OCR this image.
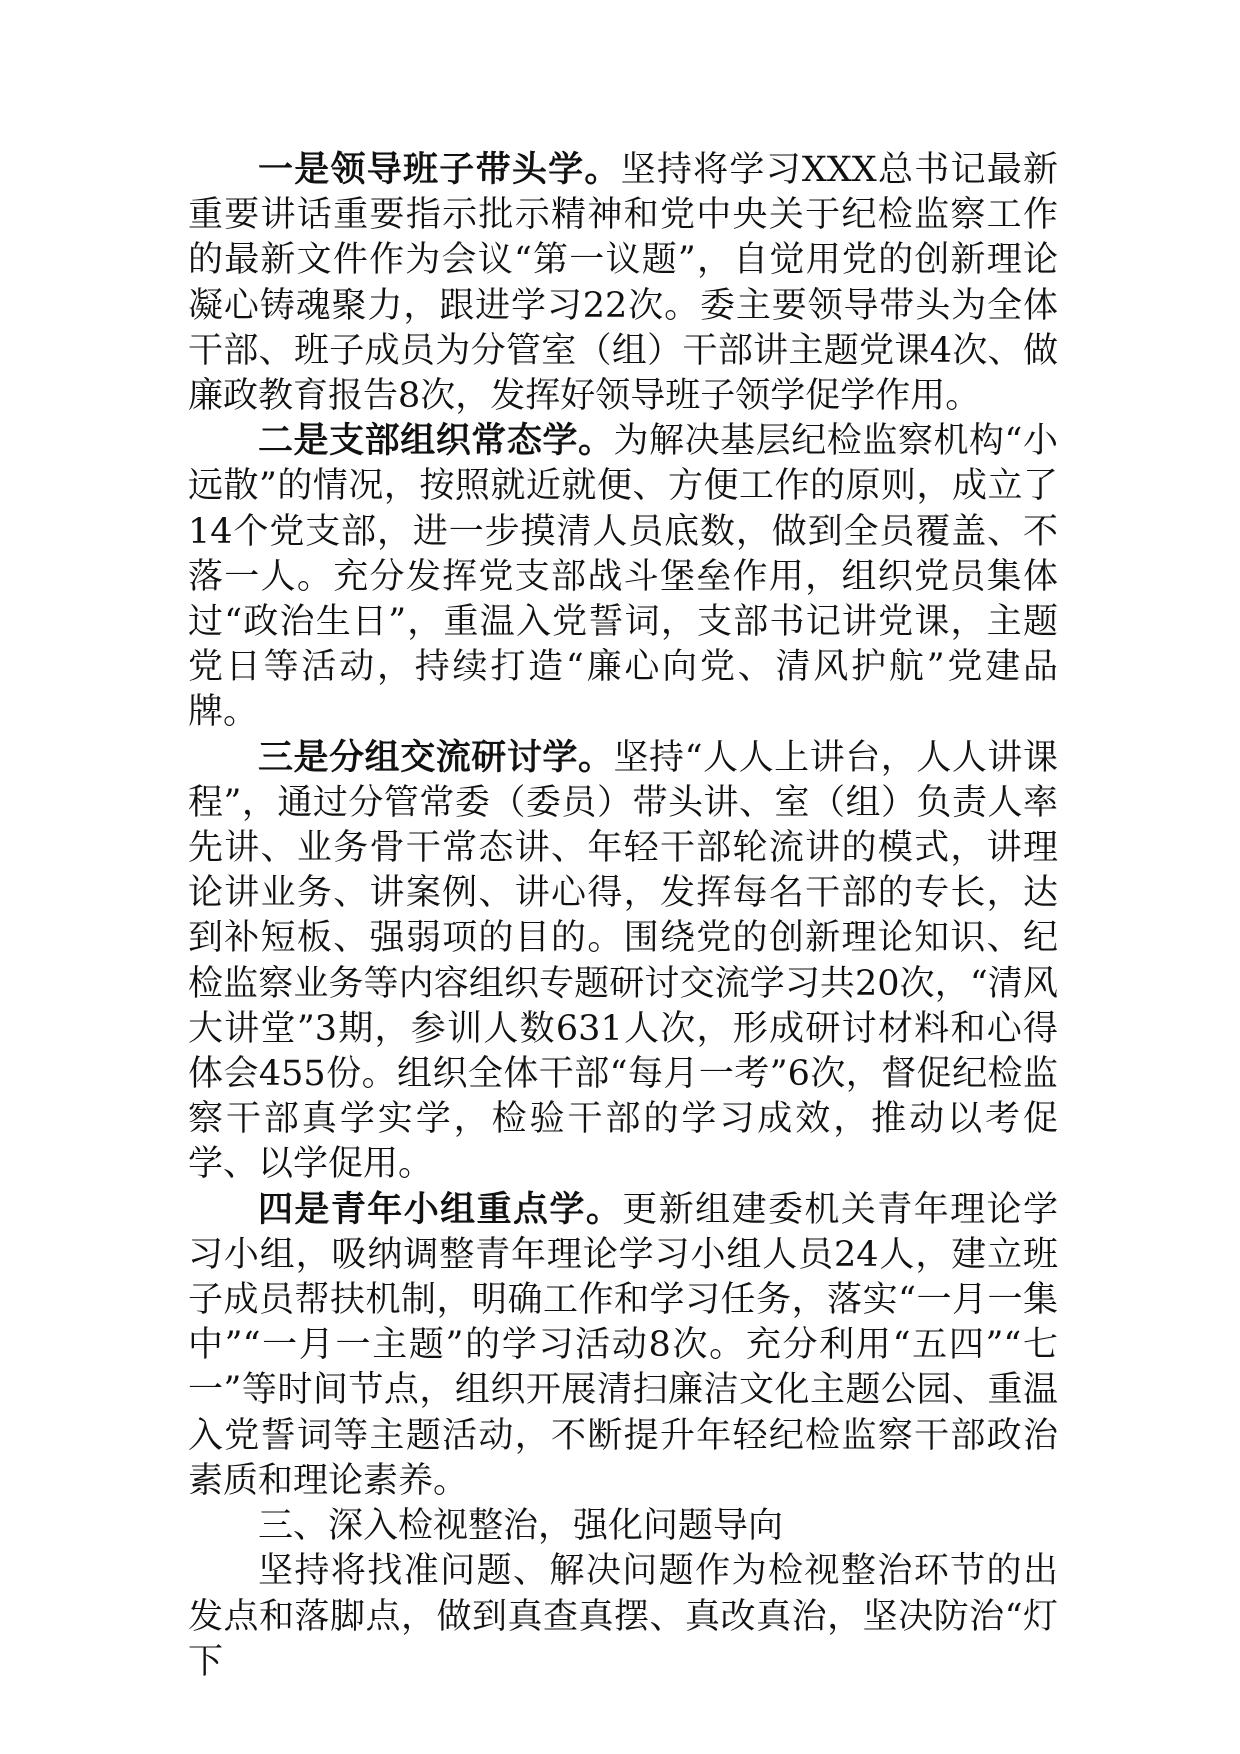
一是领导班子带头学。坚持将学习XXX总书记最新重要讲话重要指示批示精神和党中央关于纪检监察工作的最新文件作为会议“第一议题”，自觉用党的创新理论凝心铸魂聚力，跟进学习22次。委主要领导带头为全体干部、班子成员为分管室（组）干部讲主题党课4次、做廉政教育报告8次，发挥好领导班子领学促学作用。

二是支部组织常态学。为解决基层纪检监察机构“小远散”的情况，按照就近就便、方便工作的原则，成立了14个党支部，进一步摸清人员底数，做到全员覆盖、不落一人。充分发挥党支部战斗堡垒作用，组织党员集体过“政治生日”，重温入党誓词，支部书记讲党课，主题党日等活动，持续打造“廉心向党、清风护航”党建品牌。

三是分组交流研讨学。坚持“人人上讲台，人人讲课程”，通过分管常委（委员）带头讲、室（组）负责人率先讲、业务骨干常态讲、年轻干部轮流讲的模式，讲理论讲业务、讲案例、讲心得，发挥每名干部的专长，达到补短板、强弱项的目的。围绕党的创新理论知识、纪检监察业务等内容组织专题研讨交流学习共20次，“清风大讲堂”3期，参训人数631人次，形成研讨材料和心得体会455份。组织全体干部“每月一考”6次，督促纪检监察干部真学实学，检验干部的学习成效，推动以考促学、以学促用。

四是青年小组重点学。更新组建委机关青年理论学习小组，吸纳调整青年理论学习小组人员24人，建立班子成员帮扶机制，明确工作和学习任务，落实“一月一集中”“一月一主题”的学习活动8次。充分利用“五四”“七一”等时间节点，组织开展清扫廉洁文化主题公园、重温入党誓词等主题活动，不断提升年轻纪检监察干部政治素质和理论素养。

三、深入检视整治，强化问题导向

坚持将找准问题、解决问题作为检视整治环节的出发点和落脚点，做到真查真摆、真改真治，坚决防治“灯下
